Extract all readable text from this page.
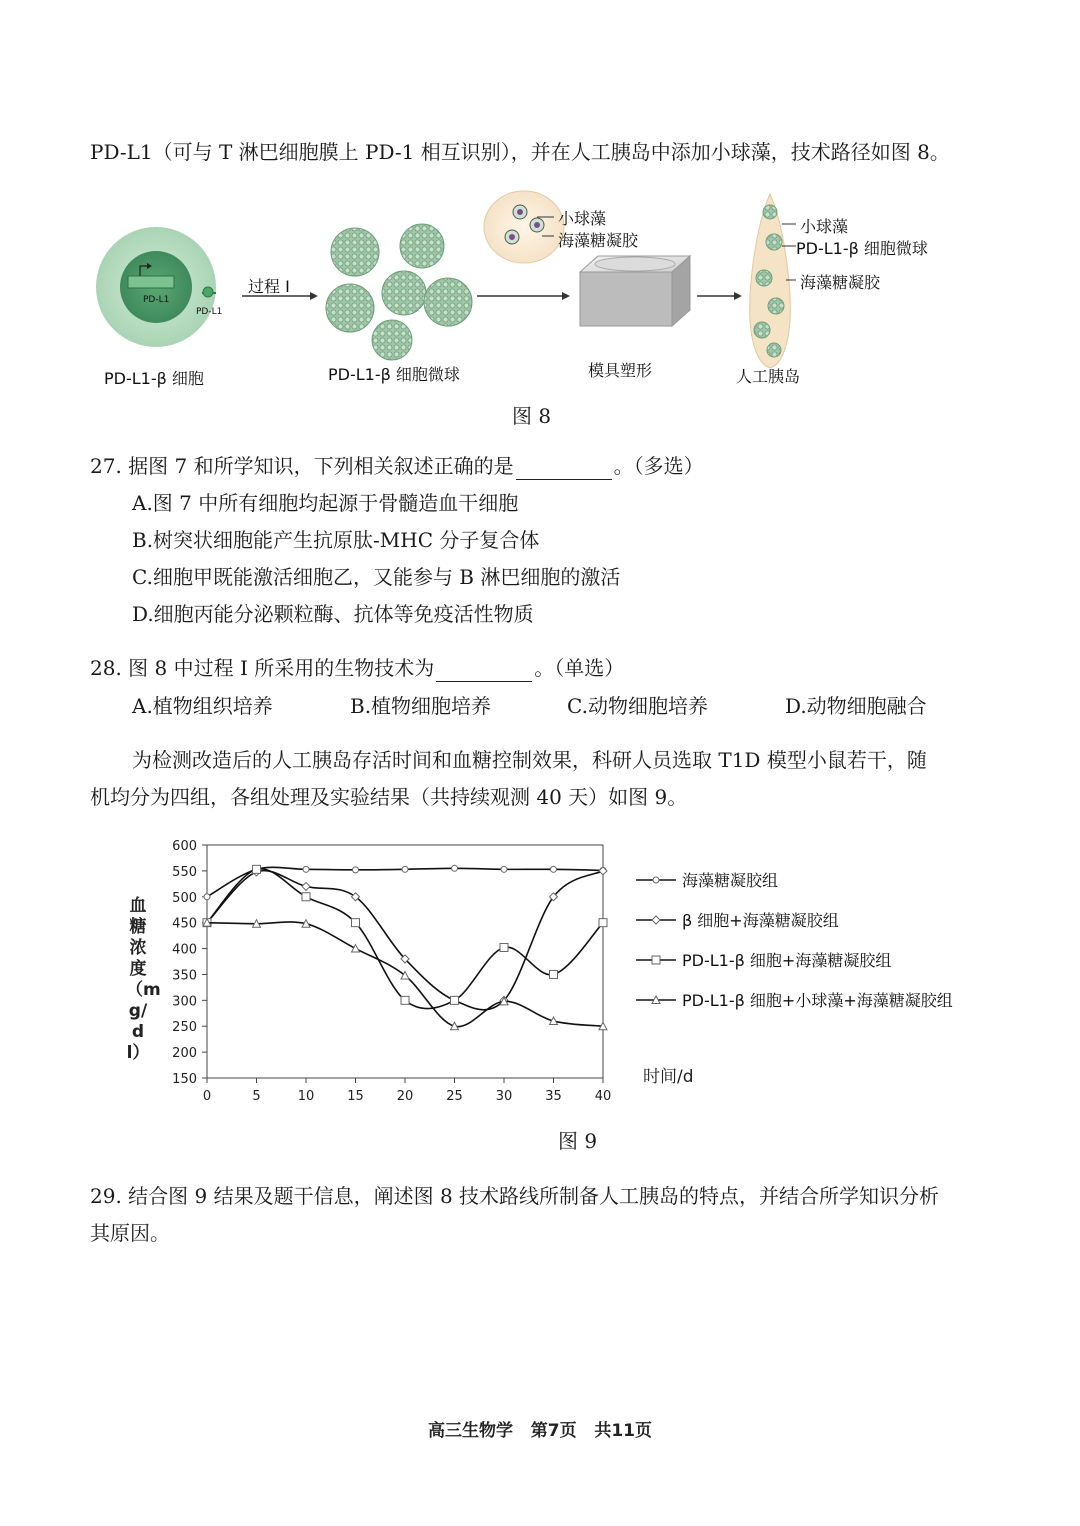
PD-L1（可与 T 淋巴细胞膜上 PD-1 相互识别），并在人工胰岛中添加小球藻，技术路径如图 8。
PD-L1
PD-L1
过程 I
PD-L1-β 细胞	PD-L1-β 细胞微球
小球藻
海藻糖凝胶
模具塑形
小球藻
PD-L1-β 细胞微球
海藻糖凝胶
人工胰岛
图 8
27. 据图 7 和所学知识，下列相关叙述正确的是	。（多选）
A.图 7 中所有细胞均起源于骨髓造血干细胞
B.树突状细胞能产生抗原肽-MHC 分子复合体
C.细胞甲既能激活细胞乙，又能参与 B 淋巴细胞的激活
D.细胞丙能分泌颗粒酶、抗体等免疫活性物质
28. 图 8 中过程 I 所采用的生物技术为	。（单选）
A.植物组织培养	B.植物细胞培养	C.动物细胞培养	D.动物细胞融合
为检测改造后的人工胰岛存活时间和血糖控制效果，科研人员选取 T1D 模型小鼠若干，随
机均分为四组，各组处理及实验结果（共持续观测 40 天）如图 9。
150
200
250
300
350
400
450
500
550
600
0	5	10	15	20	25	30	35	40
海藻糖凝胶组
β 细胞+海藻糖凝胶组
PD-L1-β 细胞+海藻糖凝胶组
PD-L1-β 细胞+小球藻+海藻糖凝胶组
血糖浓度（mg/dl）
时间/d
图 9
29. 结合图 9 结果及题干信息，阐述图 8 技术路线所制备人工胰岛的特点，并结合所学知识分析
其原因。
高三生物学   第7页   共11页
